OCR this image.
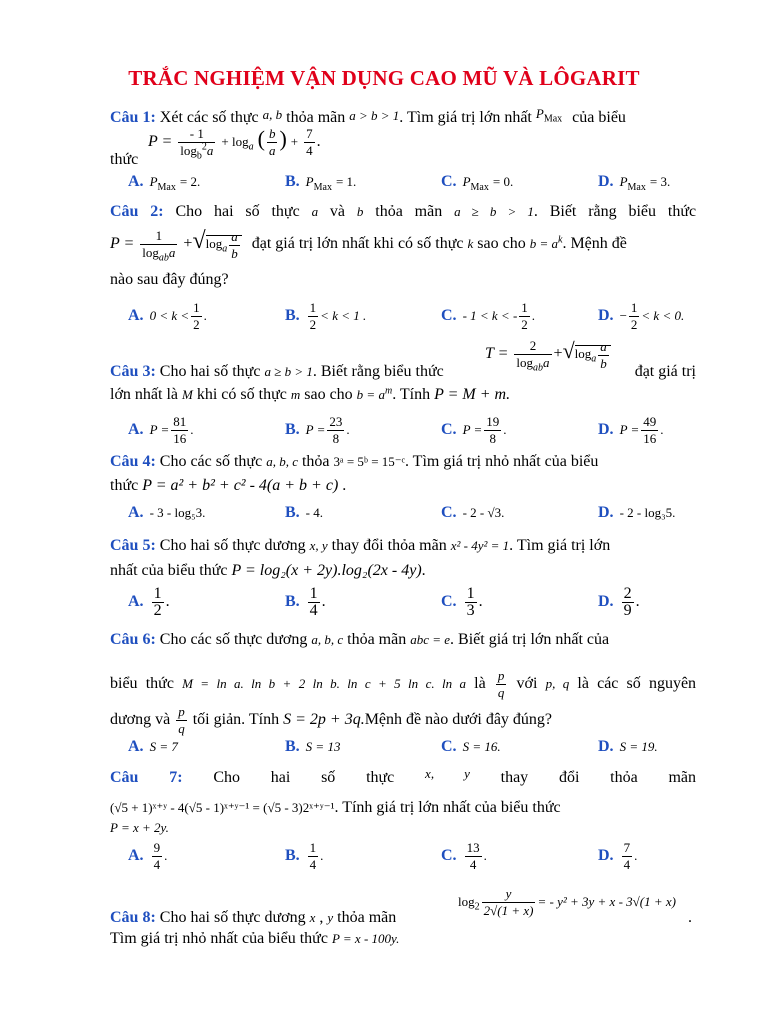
TRẮC NGHIỆM VẬN DỤNG CAO MŨ VÀ LÔGARIT
Câu 1: Xét các số thực a, b thỏa mãn a > b > 1. Tìm giá trị lớn nhất $^{P_{Max}}$ của biểu
$P = \frac{- 1}{\log_b^2a} + \log_a$ ( $\frac{b}{a}$ ) + $\frac{7}{4}$ .
thức
A. $P_{Max} = 2$.	B. $P_{Max} = 1$.	C. $P_{Max} = 0$.	D. $P_{Max} = 3$.
Câu 2: Cho hai số thực a và b thỏa mãn a ≥ b > 1. Biết rằng biểu thức
$P = \frac{1}{\log_{ab}a} +√\log_a \frac{a}{b}$ đạt giá trị lớn nhất khi có số thực k sao cho $b = a^k$. Mệnh đề
nào sau đây đúng?
A. $0 < k < \frac{1}{2}$ .	B. $\frac{1}{2} < k < 1$ .	C. - 1 < k < - $\frac{1}{2}$ .	D. − $\frac{1}{2} < k < 0$.
Câu 3: Cho hai số thực a ≥ b > 1. Biết rằng biểu thức
$T = \frac{2}{\log_{ab}a} +√\log_a \frac{a}{b}$	đạt giá trị
lớn nhất là M khi có số thực m sao cho $b = a^m$. Tính P = M + m.
A. $P = \frac{81}{16}$ .	B. $P = \frac{23}{8}$ .	C. $P = \frac{19}{8}$ .	D. $P = \frac{49}{16}$ .
Câu 4: Cho các số thực a, b, c thỏa 3ᵃ = 5ᵇ = 15⁻ᶜ. Tìm giá trị nhỏ nhất của biểu
thức P = a² + b² + c² - 4(a + b + c) .
A. - 3 - log₅3.	B. - 4.	C. - 2 - √3.	D. - 2 - log₃5.
Câu 5: Cho hai số thực dương x, y thay đổi thỏa mãn x² - 4y² = 1. Tìm giá trị lớn
nhất của biểu thức P = log₂(x + 2y).log₂(2x - 4y).
A. $\frac{1}{2}$ .	B. $\frac{1}{4}$ .	C. $\frac{1}{3}$ .	D. $\frac{2}{9}$ .
Câu 6: Cho các số thực dương a, b, c thỏa mãn abc = e. Biết giá trị lớn nhất của
biểu thức M = ln a. ln b + 2 ln b. ln c + 5 ln c. ln a là $\frac{p}{q}$ với p, q là các số nguyên
dương và $\frac{p}{q}$ tối giản. Tính S = 2p + 3q.Mệnh đề nào dưới đây đúng?
A. S = 7	B. S = 13	C. S = 16.	D. S = 19.
Câu 7: Cho hai số thực $^{x, y}$ thay đổi thỏa mãn
(√5 + 1)ˣ⁺ʸ - 4(√5 - 1)ˣ⁺ʸ⁻¹ = (√5 - 3)2ˣ⁺ʸ⁻¹. Tính giá trị lớn nhất của biểu thức
P = x + 2y.
A. $\frac{9}{4}$ .	B. $\frac{1}{4}$ .	C. $\frac{13}{4}$ .	D. $\frac{7}{4}$ .
Câu 8: Cho hai số thực dương x , y thỏa mãn
$\log_2 \frac{y}{2√(1 + x)}$ = - y² + 3y + x - 3√(1 + x)
.
Tìm giá trị nhỏ nhất của biểu thức P = x - 100y.
